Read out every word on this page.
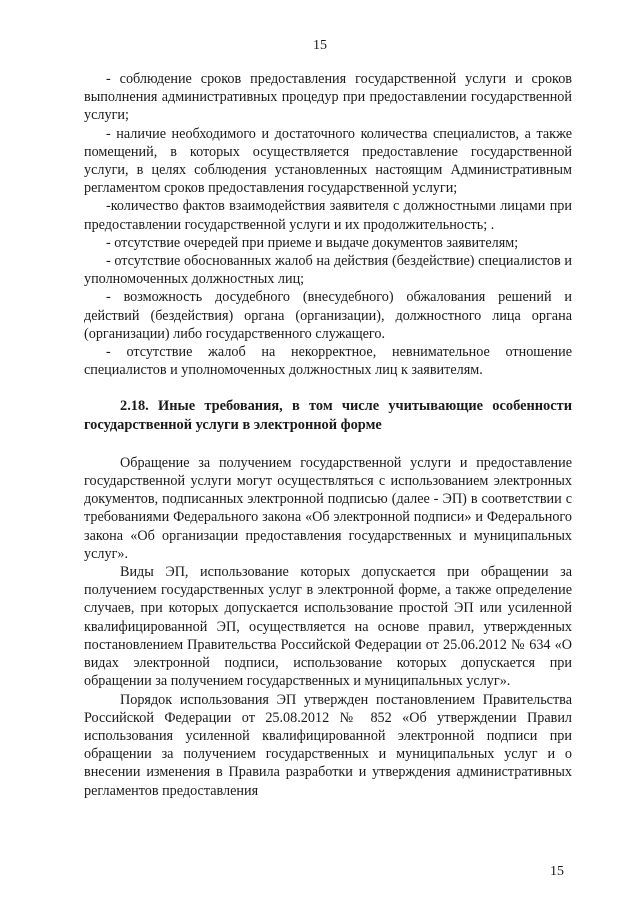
15

- соблюдение сроков предоставления государственной услуги и сроков выполнения административных процедур при предоставлении государственной услуги;

- наличие необходимого и достаточного количества специалистов, а также помещений, в которых осуществляется предоставление государственной услуги, в целях соблюдения установленных настоящим Административным регламентом сроков предоставления государственной услуги;

-количество фактов взаимодействия заявителя с должностными лицами при предоставлении государственной услуги и их продолжительность; .

- отсутствие очередей при приеме и выдаче документов заявителям;

- отсутствие обоснованных жалоб на действия (бездействие) специалистов и уполномоченных должностных лиц;

- возможность досудебного (внесудебного) обжалования решений и действий (бездействия) органа (организации), должностного лица органа (организации) либо государственного служащего.

- отсутствие жалоб на некорректное, невнимательное отношение специалистов и уполномоченных должностных лиц к заявителям.

2.18. Иные требования, в том числе учитывающие особенности государственной услуги в электронной форме

Обращение за получением государственной услуги и предоставление государственной услуги могут осуществляться с использованием электронных документов, подписанных электронной подписью (далее - ЭП) в соответствии с требованиями Федерального закона «Об электронной подписи» и Федерального закона «Об организации предоставления государственных и муниципальных услуг».

Виды ЭП, использование которых допускается при обращении за получением государственных услуг в электронной форме, а также определение случаев, при которых допускается использование простой ЭП или усиленной квалифицированной ЭП, осуществляется на основе правил, утвержденных постановлением Правительства Российской Федерации от 25.06.2012 № 634 «О видах электронной подписи, использование которых допускается при обращении за получением государственных и муниципальных услуг».

Порядок использования ЭП утвержден постановлением Правительства Российской Федерации от 25.08.2012 № 852 «Об утверждении Правил использования усиленной квалифицированной электронной подписи при обращении за получением государственных и муниципальных услуг и о внесении изменения в Правила разработки и утверждения административных регламентов предоставления

15
